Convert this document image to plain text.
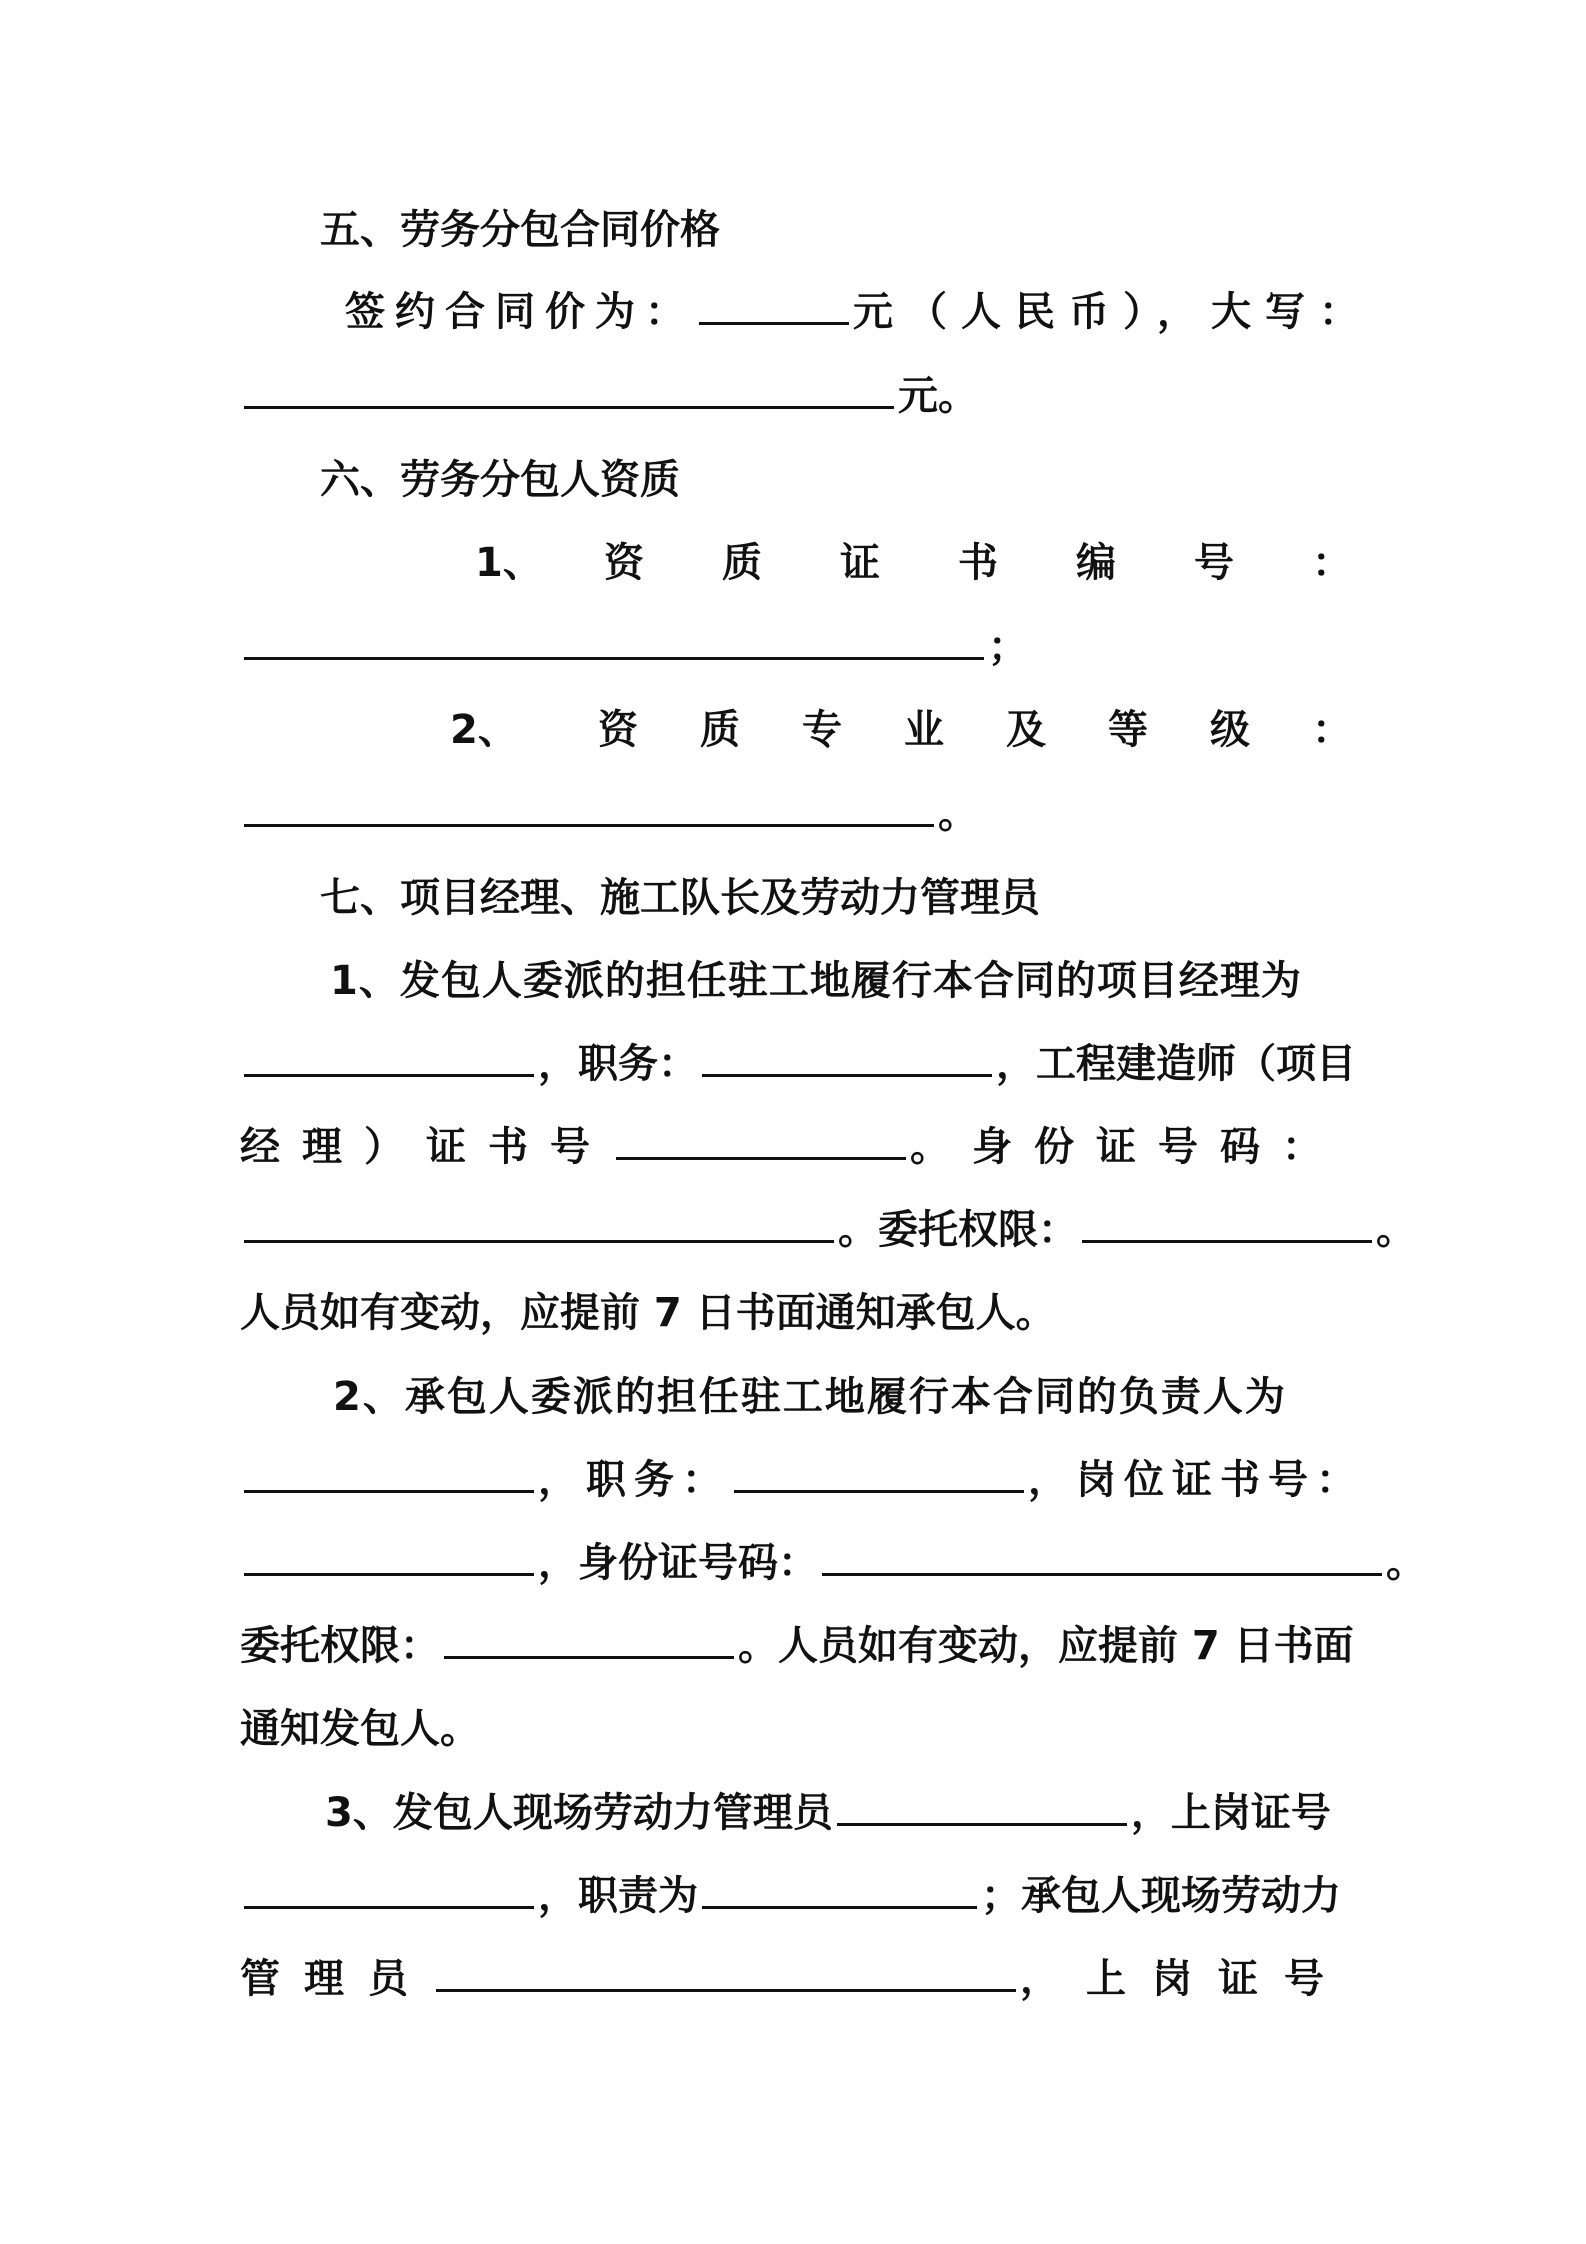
五、劳务分包合同价格
签约合同价为：	元（人民币），大写：
元。
六、劳务分包人资质
1、 资质证书编号：
；
2、 资质专业及等级：
。
七、项目经理、施工队长及劳动力管理员
1、发包人委派的担任驻工地履行本合同的项目经理为
，职务：	，工程建造师（项目
经理）证书号	。身份证号码：
。委托权限：	。
人员如有变动，应提前 7 日书面通知承包人。
2、承包人委派的担任驻工地履行本合同的负责人为
，职务：	，岗位证书号：
，身份证号码：	。
委托权限：	。人员如有变动，应提前 7 日书面
通知发包人。
3、发包人现场劳动力管理员	，上岗证号
，职责为	；承包人现场劳动力
管理员	，上岗证号
